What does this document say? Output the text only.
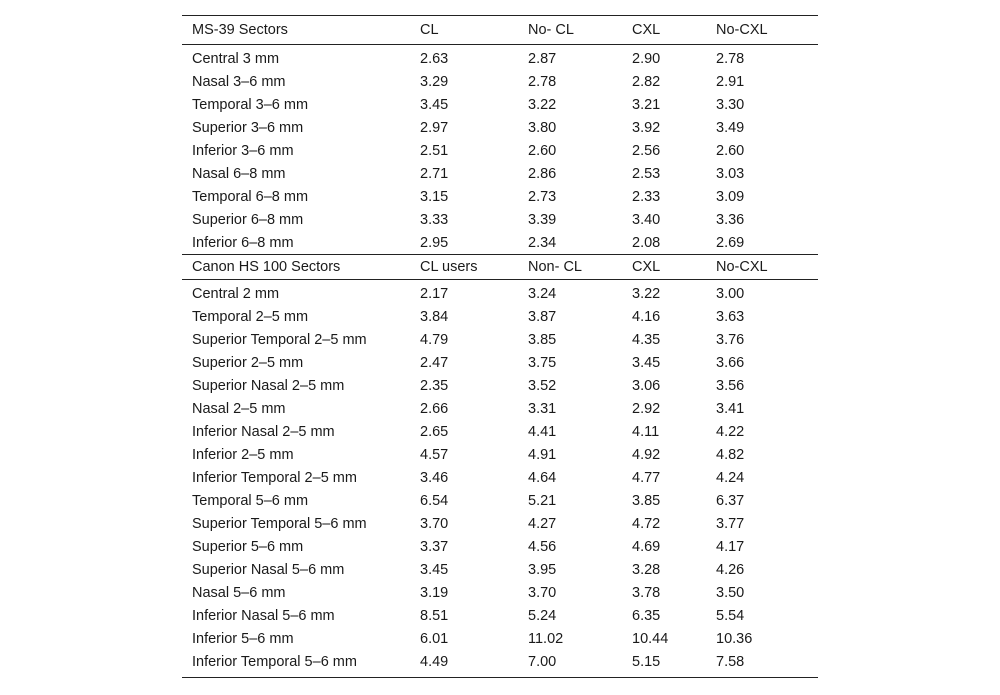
MS-39 Sectors	CL	No- CL	CXL	No-CXL
Central 3 mm	2.63	2.87	2.90	2.78
Nasal 3–6 mm	3.29	2.78	2.82	2.91
Temporal 3–6 mm	3.45	3.22	3.21	3.30
Superior 3–6 mm	2.97	3.80	3.92	3.49
Inferior 3–6 mm	2.51	2.60	2.56	2.60
Nasal 6–8 mm	2.71	2.86	2.53	3.03
Temporal 6–8 mm	3.15	2.73	2.33	3.09
Superior 6–8 mm	3.33	3.39	3.40	3.36
Inferior 6–8 mm	2.95	2.34	2.08	2.69
Canon HS 100 Sectors	CL users	Non- CL	CXL	No-CXL
Central 2 mm	2.17	3.24	3.22	3.00
Temporal 2–5 mm	3.84	3.87	4.16	3.63
Superior Temporal 2–5 mm	4.79	3.85	4.35	3.76
Superior 2–5 mm	2.47	3.75	3.45	3.66
Superior Nasal 2–5 mm	2.35	3.52	3.06	3.56
Nasal 2–5 mm	2.66	3.31	2.92	3.41
Inferior Nasal 2–5 mm	2.65	4.41	4.11	4.22
Inferior 2–5 mm	4.57	4.91	4.92	4.82
Inferior Temporal 2–5 mm	3.46	4.64	4.77	4.24
Temporal 5–6 mm	6.54	5.21	3.85	6.37
Superior Temporal 5–6 mm	3.70	4.27	4.72	3.77
Superior 5–6 mm	3.37	4.56	4.69	4.17
Superior Nasal 5–6 mm	3.45	3.95	3.28	4.26
Nasal 5–6 mm	3.19	3.70	3.78	3.50
Inferior Nasal 5–6 mm	8.51	5.24	6.35	5.54
Inferior 5–6 mm	6.01	11.02	10.44	10.36
Inferior Temporal 5–6 mm	4.49	7.00	5.15	7.58
